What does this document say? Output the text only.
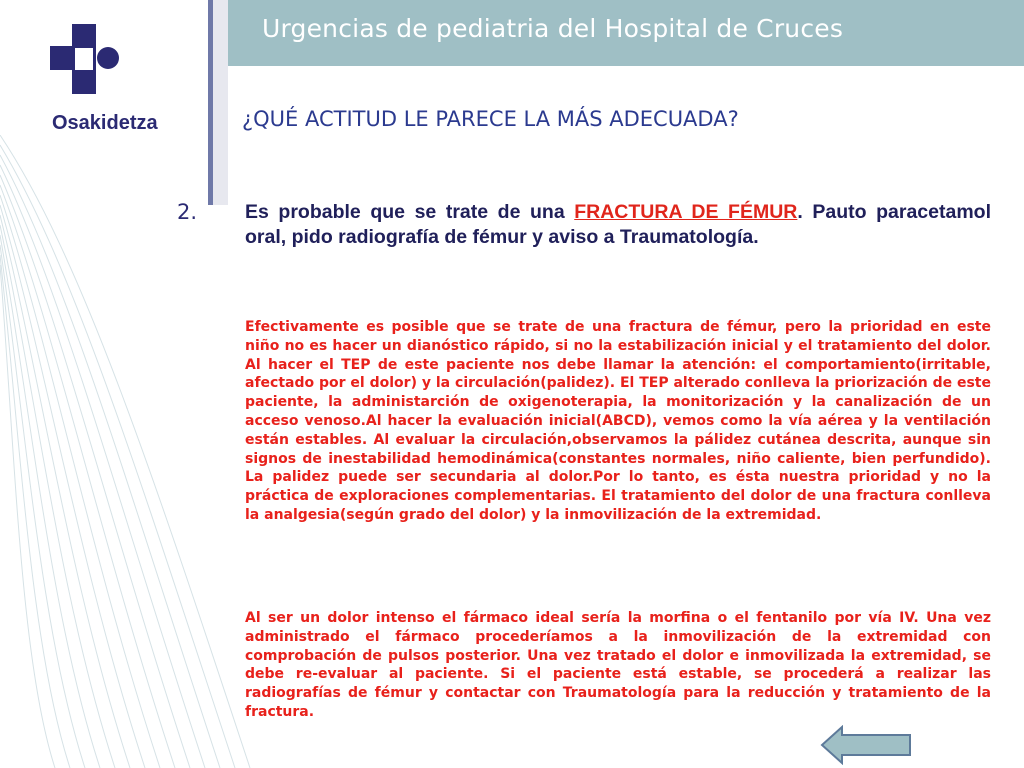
Urgencias de pediatria del Hospital de Cruces
Osakidetza	¿QUÉ ACTITUD LE PARECE LA MÁS ADECUADA?
2. Es probable que se trate de una FRACTURA DE FÉMUR. Pauto paracetamol oral, pido radiografía de fémur y aviso a Traumatología.
Efectivamente es posible que se trate de una fractura de fémur, pero la prioridad en este niño no es hacer un dianóstico rápido, si no la estabilización inicial y el tratamiento del dolor. Al hacer el TEP de este paciente nos debe llamar la atención: el comportamiento(irritable, afectado por el dolor) y la circulación(palidez). El TEP alterado conlleva la priorización de este paciente, la administarción de oxigenoterapia, la monitorización y la canalización de un acceso venoso.Al hacer la evaluación inicial(ABCD), vemos como la vía aérea y la ventilación están estables. Al evaluar la circulación,observamos la pálidez cutánea descrita, aunque sin signos de inestabilidad hemodinámica(constantes normales, niño caliente, bien perfundido). La palidez puede ser secundaria al dolor.Por lo tanto, es ésta nuestra prioridad y no la práctica de exploraciones complementarias. El tratamiento del dolor de una fractura conlleva la analgesia(según grado del dolor) y la inmovilización de la extremidad.
Al ser un dolor intenso el fármaco ideal sería la morfina o el fentanilo por vía IV. Una vez administrado el fármaco procederíamos a la inmovilización de la extremidad con comprobación de pulsos posterior. Una vez tratado el dolor e inmovilizada la extremidad, se debe re-evaluar al paciente. Si el paciente está estable, se procederá a realizar las radiografías de fémur y contactar con Traumatología para la reducción y tratamiento de la fractura.
